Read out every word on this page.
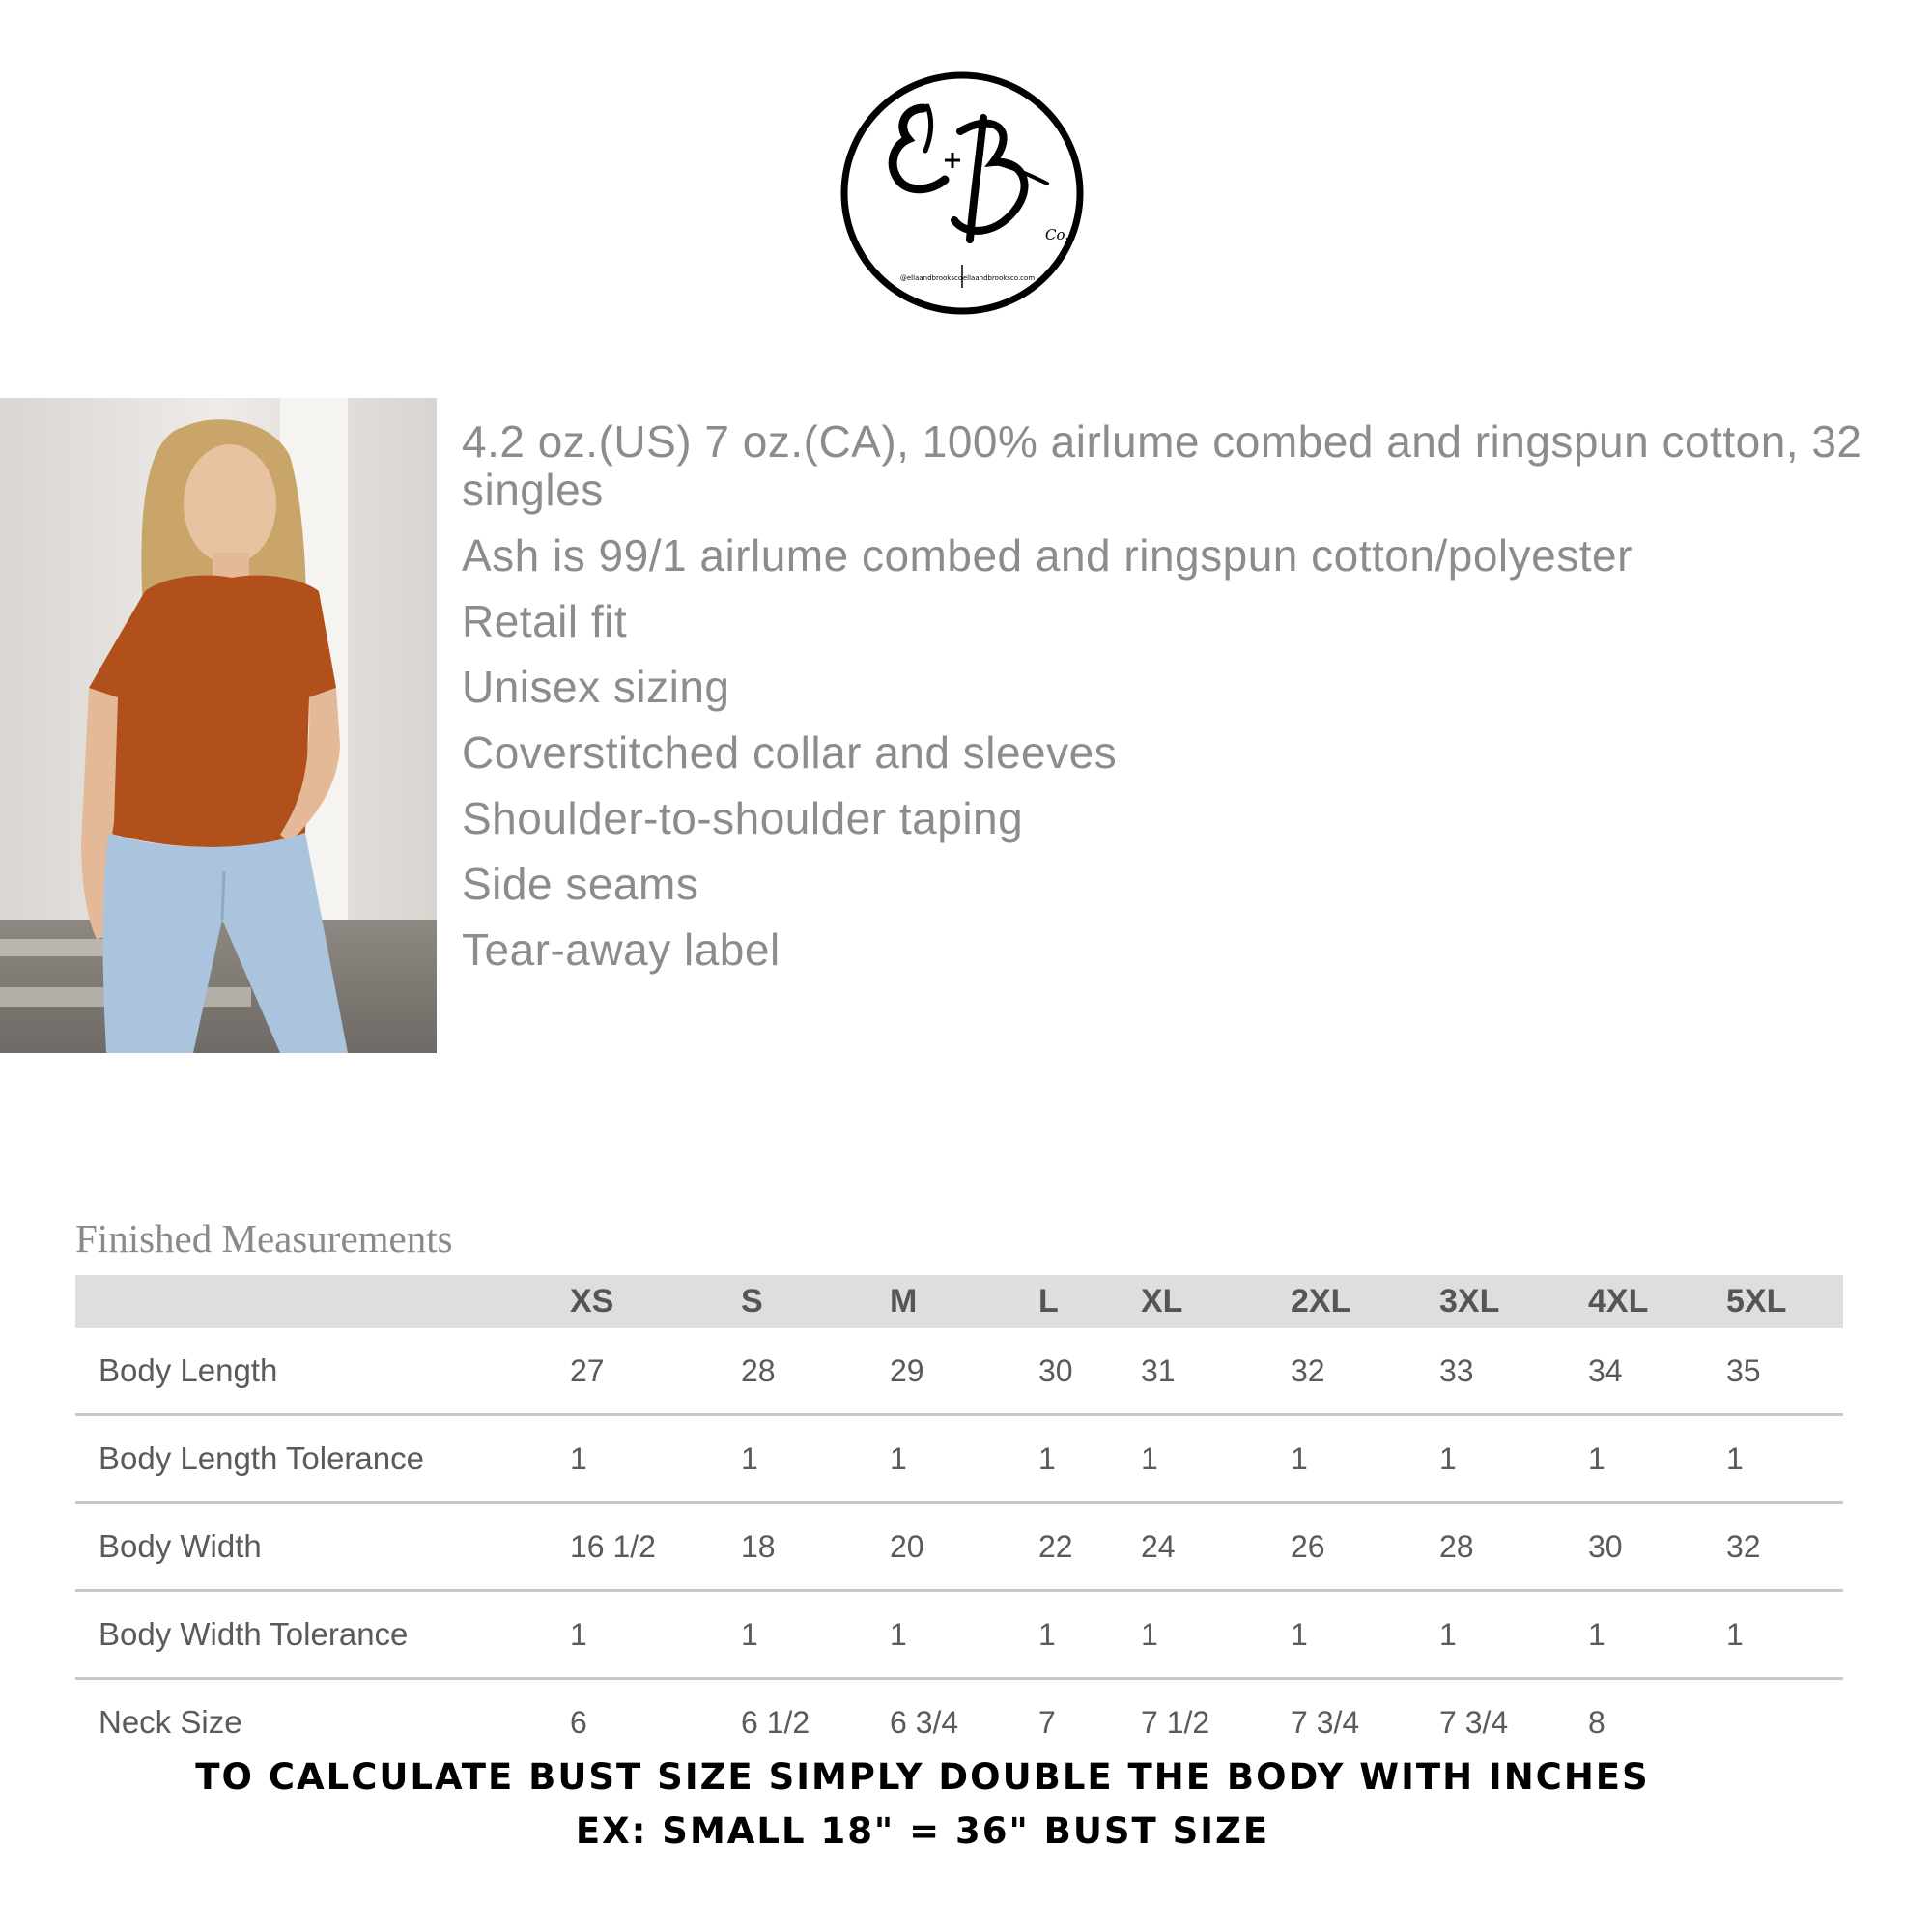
Co.
@ellaandbrooksco ellaandbrooksco.com
4.2 oz.(US) 7 oz.(CA), 100% airlume combed and ringspun cotton, 32 singles
Ash is 99/1 airlume combed and ringspun cotton/polyester
Retail fit
Unisex sizing
Coverstitched collar and sleeves
Shoulder-to-shoulder taping
Side seams
Tear-away label
Finished Measurements
	XS	S	M	L	XL	2XL	3XL	4XL	5XL
Body Length	27	28	29	30	31	32	33	34	35
Body Length Tolerance	1	1	1	1	1	1	1	1	1
Body Width	16 1/2	18	20	22	24	26	28	30	32
Body Width Tolerance	1	1	1	1	1	1	1	1	1
Neck Size	6	6 1/2	6 3/4	7	7 1/2	7 3/4	7 3/4	8	
TO CALCULATE BUST SIZE SIMPLY DOUBLE THE BODY WITH INCHES
EX: SMALL 18" = 36" BUST SIZE
